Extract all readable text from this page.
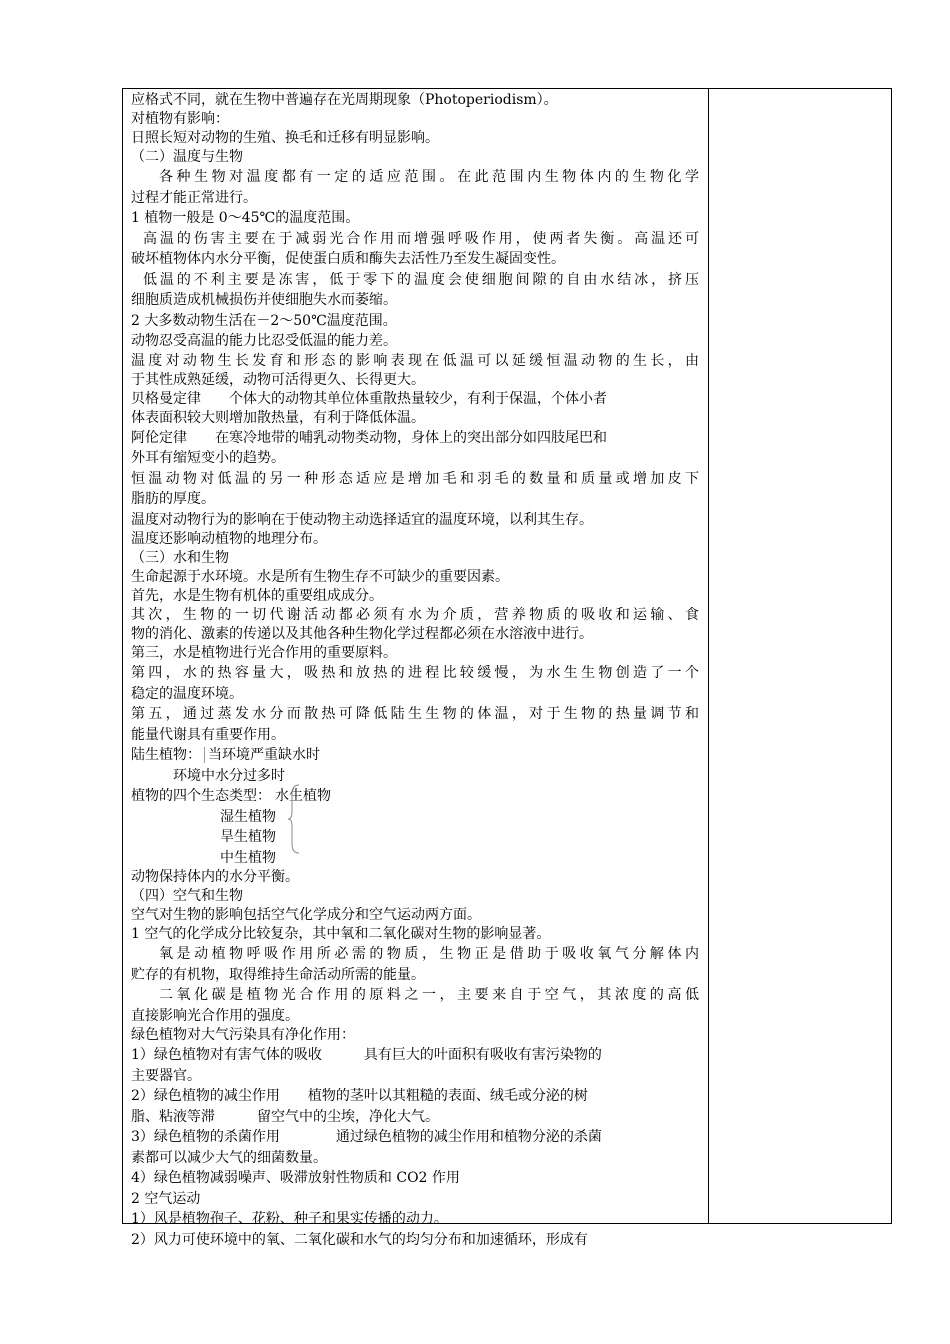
应格式不同，就在生物中普遍存在光周期现象（Photoperiodism）。
对植物有影响：
日照长短对动物的生殖、换毛和迁移有明显影响。
（二）温度与生物
各种生物对温度都有一定的适应范围。在此范围内生物体内的生物化学
过程才能正常进行。
1 植物一般是 0～45℃的温度范围。
高温的伤害主要在于减弱光合作用而增强呼吸作用，使两者失衡。高温还可
破坏植物体内水分平衡，促使蛋白质和酶失去活性乃至发生凝固变性。
低温的不利主要是冻害，低于零下的温度会使细胞间隙的自由水结冰，挤压
细胞质造成机械损伤并使细胞失水而萎缩。
2 大多数动物生活在－2～50℃温度范围。
动物忍受高温的能力比忍受低温的能力差。
温度对动物生长发育和形态的影响表现在低温可以延缓恒温动物的生长，由
于其性成熟延缓，动物可活得更久、长得更大。
贝格曼定律 个体大的动物其单位体重散热量较少，有利于保温，个体小者
体表面积较大则增加散热量，有利于降低体温。
阿伦定律 在寒冷地带的哺乳动物类动物，身体上的突出部分如四肢尾巴和
外耳有缩短变小的趋势。
恒温动物对低温的另一种形态适应是增加毛和羽毛的数量和质量或增加皮下
脂肪的厚度。
温度对动物行为的影响在于使动物主动选择适宜的温度环境，以利其生存。
温度还影响动植物的地理分布。
（三）水和生物
生命起源于水环境。水是所有生物生存不可缺少的重要因素。
首先，水是生物有机体的重要组成成分。
其次，生物的一切代谢活动都必须有水为介质，营养物质的吸收和运输、食
物的消化、激素的传递以及其他各种生物化学过程都必须在水溶液中进行。
第三，水是植物进行光合作用的重要原料。
第四，水的热容量大，吸热和放热的进程比较缓慢，为水生生物创造了一个
稳定的温度环境。
第五，通过蒸发水分而散热可降低陆生生物的体温，对于生物的热量调节和
能量代谢具有重要作用。
陆生植物： 当环境严重缺水时
环境中水分过多时
植物的四个生态类型： 水生植物
湿生植物
旱生植物
中生植物
动物保持体内的水分平衡。
（四）空气和生物
空气对生物的影响包括空气化学成分和空气运动两方面。
1 空气的化学成分比较复杂，其中氧和二氧化碳对生物的影响显著。
氧是动植物呼吸作用所必需的物质，生物正是借助于吸收氧气分解体内
贮存的有机物，取得维持生命活动所需的能量。
二氧化碳是植物光合作用的原料之一，主要来自于空气，其浓度的高低
直接影响光合作用的强度。
绿色植物对大气污染具有净化作用：
1）绿色植物对有害气体的吸收	具有巨大的叶面积有吸收有害污染物的
主要器官。
2）绿色植物的减尘作用 植物的茎叶以其粗糙的表面、绒毛或分泌的树
脂、粘液等滞	留空气中的尘埃，净化大气。
3）绿色植物的杀菌作用	通过绿色植物的减尘作用和植物分泌的杀菌
素都可以减少大气的细菌数量。
4）绿色植物减弱噪声、吸滞放射性物质和 CO2 作用
2 空气运动
1）风是植物孢子、花粉、种子和果实传播的动力。
2）风力可使环境中的氧、二氧化碳和水气的均匀分布和加速循环，形成有
